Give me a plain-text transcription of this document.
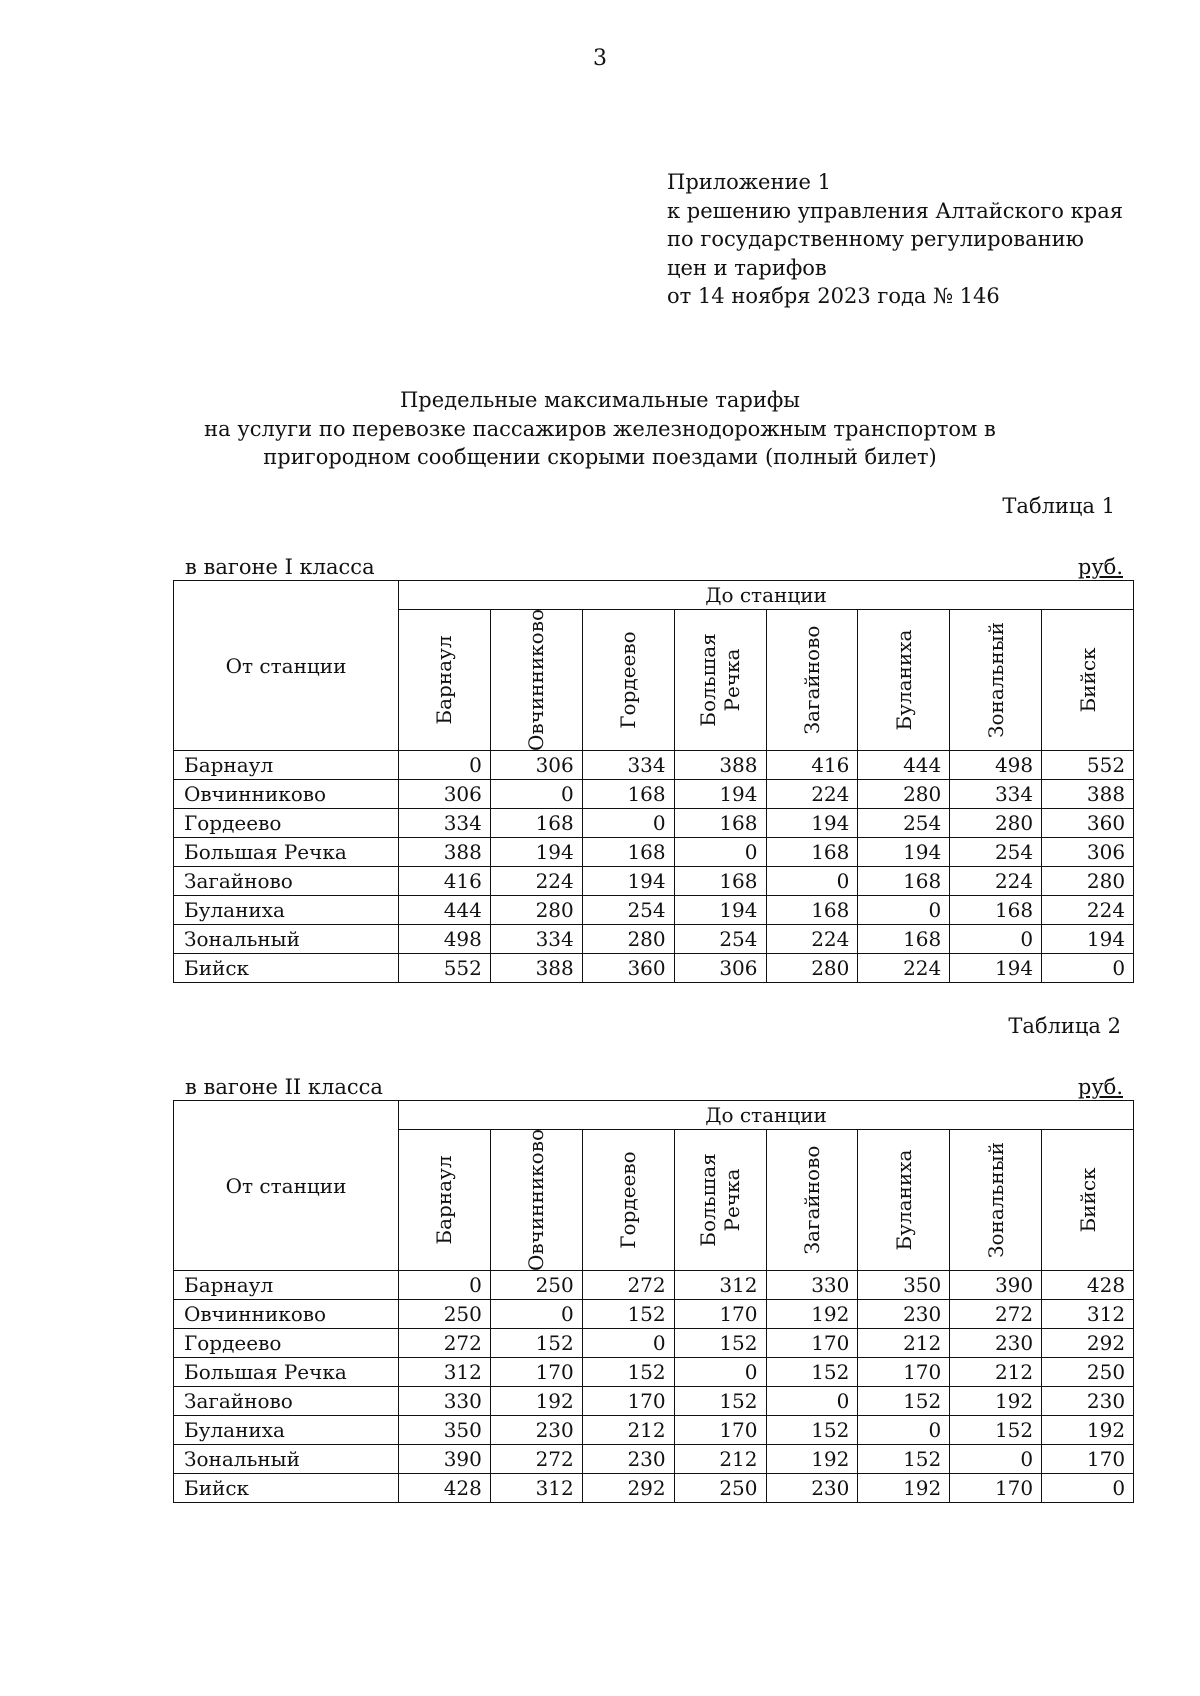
3
Приложение 1
к решению управления Алтайского края
по государственному регулированию
цен и тарифов
от 14 ноября 2023 года № 146
Предельные максимальные тарифы
на услуги по перевозке пассажиров железнодорожным транспортом в
пригородном сообщении скорыми поездами (полный билет)
Таблица 1
в вагоне I класса	руб.
От станции	До станции							

	Барнаул	Овчинниково	Гордеево	Большая Речка	Загайново	Буланиха	Зональный	Бийск

Барнаул	0	306	334	388	416	444	498	552
Овчинниково	306	0	168	194	224	280	334	388
Гордеево	334	168	0	168	194	254	280	360
Большая Речка	388	194	168	0	168	194	254	306
Загайново	416	224	194	168	0	168	224	280
Буланиха	444	280	254	194	168	0	168	224
Зональный	498	334	280	254	224	168	0	194
Бийск	552	388	360	306	280	224	194	0
Таблица 2
в вагоне II класса	руб.
От станции	До станции							

	Барнаул	Овчинниково	Гордеево	Большая Речка	Загайново	Буланиха	Зональный	Бийск

Барнаул	0	250	272	312	330	350	390	428
Овчинниково	250	0	152	170	192	230	272	312
Гордеево	272	152	0	152	170	212	230	292
Большая Речка	312	170	152	0	152	170	212	250
Загайново	330	192	170	152	0	152	192	230
Буланиха	350	230	212	170	152	0	152	192
Зональный	390	272	230	212	192	152	0	170
Бийск	428	312	292	250	230	192	170	0
